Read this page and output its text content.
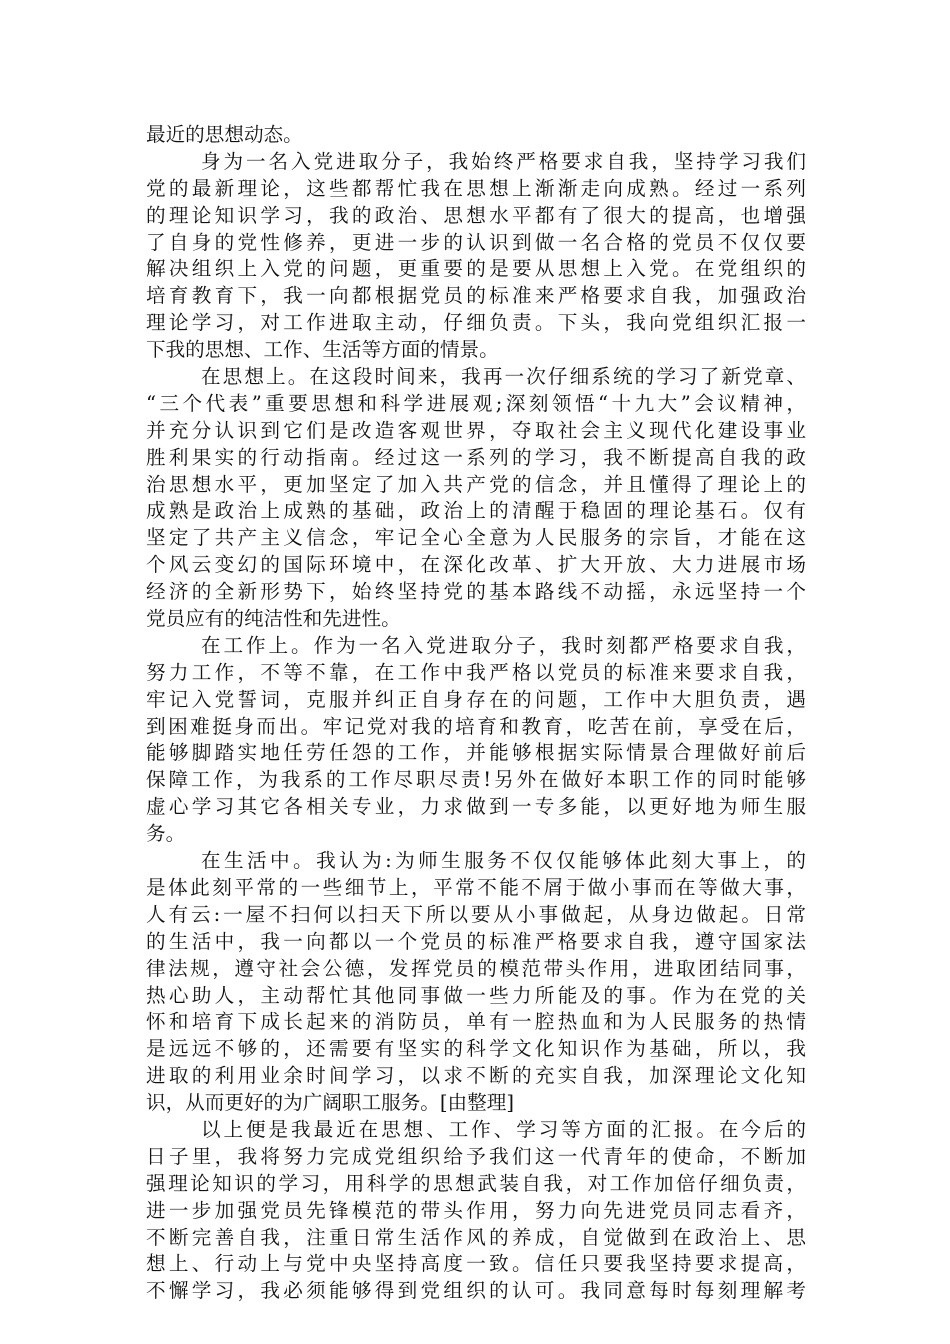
最近的思想动态。
身为一名入党进取分子，我始终严格要求自我，坚持学习我们
党的最新理论，这些都帮忙我在思想上渐渐走向成熟。经过一系列
的理论知识学习，我的政治、思想水平都有了很大的提高，也增强
了自身的党性修养，更进一步的认识到做一名合格的党员不仅仅要
解决组织上入党的问题，更重要的是要从思想上入党。在党组织的
培育教育下，我一向都根据党员的标准来严格要求自我，加强政治
理论学习，对工作进取主动，仔细负责。下头，我向党组织汇报一
下我的思想、工作、生活等方面的情景。
在思想上。在这段时间来，我再一次仔细系统的学习了新党章、
“三个代表”重要思想和科学进展观;深刻领悟“十九大”会议精神，
并充分认识到它们是改造客观世界，夺取社会主义现代化建设事业
胜利果实的行动指南。经过这一系列的学习，我不断提高自我的政
治思想水平，更加坚定了加入共产党的信念，并且懂得了理论上的
成熟是政治上成熟的基础，政治上的清醒于稳固的理论基石。仅有
坚定了共产主义信念，牢记全心全意为人民服务的宗旨，才能在这
个风云变幻的国际环境中，在深化改革、扩大开放、大力进展市场
经济的全新形势下，始终坚持党的基本路线不动摇，永远坚持一个
党员应有的纯洁性和先进性。
在工作上。作为一名入党进取分子，我时刻都严格要求自我，
努力工作，不等不靠，在工作中我严格以党员的标准来要求自我，
牢记入党誓词，克服并纠正自身存在的问题，工作中大胆负责，遇
到困难挺身而出。牢记党对我的培育和教育，吃苦在前，享受在后，
能够脚踏实地任劳任怨的工作，并能够根据实际情景合理做好前后
保障工作，为我系的工作尽职尽责!另外在做好本职工作的同时能够
虚心学习其它各相关专业，力求做到一专多能，以更好地为师生服
务。
在生活中。我认为:为师生服务不仅仅能够体此刻大事上，的
是体此刻平常的一些细节上，平常不能不屑于做小事而在等做大事，
人有云:一屋不扫何以扫天下所以要从小事做起，从身边做起。日常
的生活中，我一向都以一个党员的标准严格要求自我，遵守国家法
律法规，遵守社会公德，发挥党员的模范带头作用，进取团结同事，
热心助人，主动帮忙其他同事做一些力所能及的事。作为在党的关
怀和培育下成长起来的消防员，单有一腔热血和为人民服务的热情
是远远不够的，还需要有坚实的科学文化知识作为基础，所以，我
进取的利用业余时间学习，以求不断的充实自我，加深理论文化知
识，从而更好的为广阔职工服务。[由整理]
以上便是我最近在思想、工作、学习等方面的汇报。在今后的
日子里，我将努力完成党组织给予我们这一代青年的使命，不断加
强理论知识的学习，用科学的思想武装自我，对工作加倍仔细负责，
进一步加强党员先锋模范的带头作用，努力向先进党员同志看齐，
不断完善自我，注重日常生活作风的养成，自觉做到在政治上、思
想上、行动上与党中央坚持高度一致。信任只要我坚持要求提高，
不懈学习，我必须能够得到党组织的认可。我同意每时每刻理解考
